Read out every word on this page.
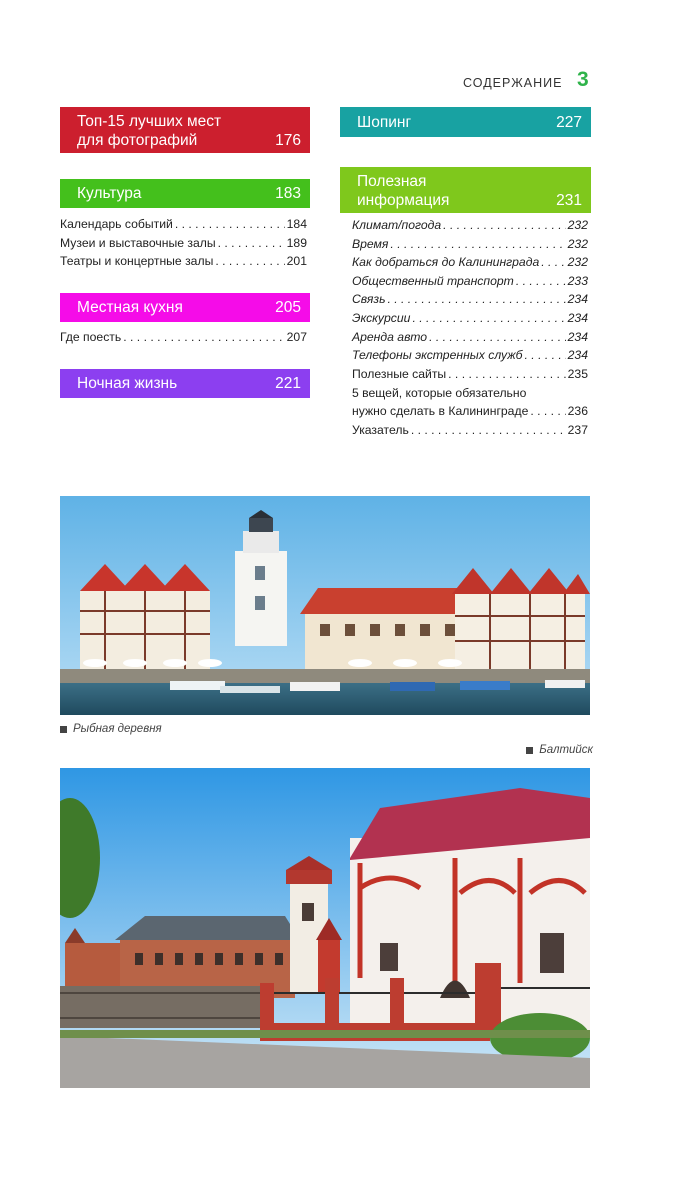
СОДЕРЖАНИЕ 3
Топ-15 лучших мест
для фотографий	176
Культура	183
Календарь событий . . .	184
Музеи и выставочные залы . . .	189
Театры и концертные залы . . .	201
Местная кухня	205
Где поесть . . .	207
Ночная жизнь	221
Шопинг	227
Полезная
информация	231
Климат/погода . . .	232
Время . . .	232
Как добраться до Калининграда . . . 232
Общественный транспорт . . .	233
Связь . . .	234
Экскурсии . . .	234
Аренда авто . . .	234
Телефоны экстренных служб . . .	234
Полезные сайты . . .	235
5 вещей, которые обязательно
нужно сделать в Калининграде . . .	236
Указатель . . .	237
Рыбная деревня
Балтийск
